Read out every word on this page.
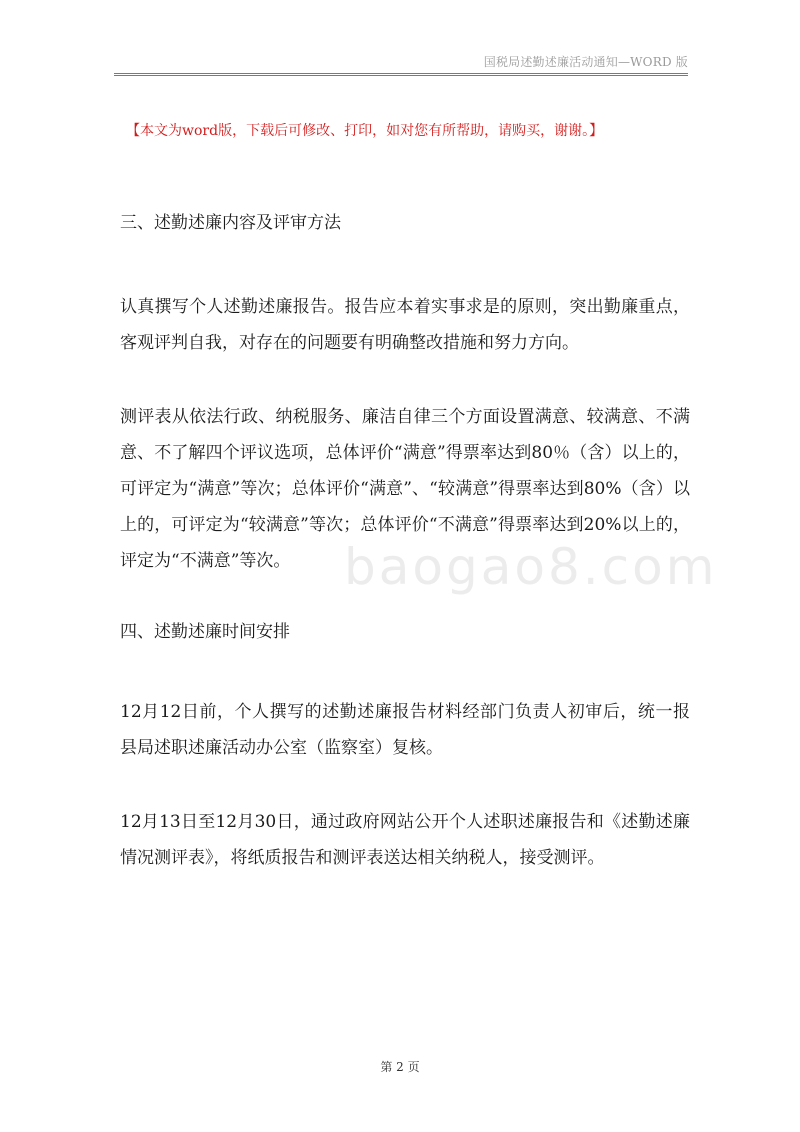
国税局述勤述廉活动通知—WORD 版
【本文为word版，下载后可修改、打印，如对您有所帮助，请购买，谢谢。】
baogao8.com

三、述勤述廉内容及评审方法

认真撰写个人述勤述廉报告。报告应本着实事求是的原则，突出勤廉重点，客观评判自我，对存在的问题要有明确整改措施和努力方向。

测评表从依法行政、纳税服务、廉洁自律三个方面设置满意、较满意、不满意、不了解四个评议选项，总体评价“满意”得票率达到80％（含）以上的，可评定为“满意”等次；总体评价“满意”、“较满意”得票率达到80%（含）以上的，可评定为“较满意”等次；总体评价“不满意”得票率达到20%以上的，评定为“不满意”等次。

四、述勤述廉时间安排

12月12日前，个人撰写的述勤述廉报告材料经部门负责人初审后，统一报县局述职述廉活动办公室（监察室）复核。

12月13日至12月30日，通过政府网站公开个人述职述廉报告和《述勤述廉情况测评表》，将纸质报告和测评表送达相关纳税人，接受测评。

第 2 页
